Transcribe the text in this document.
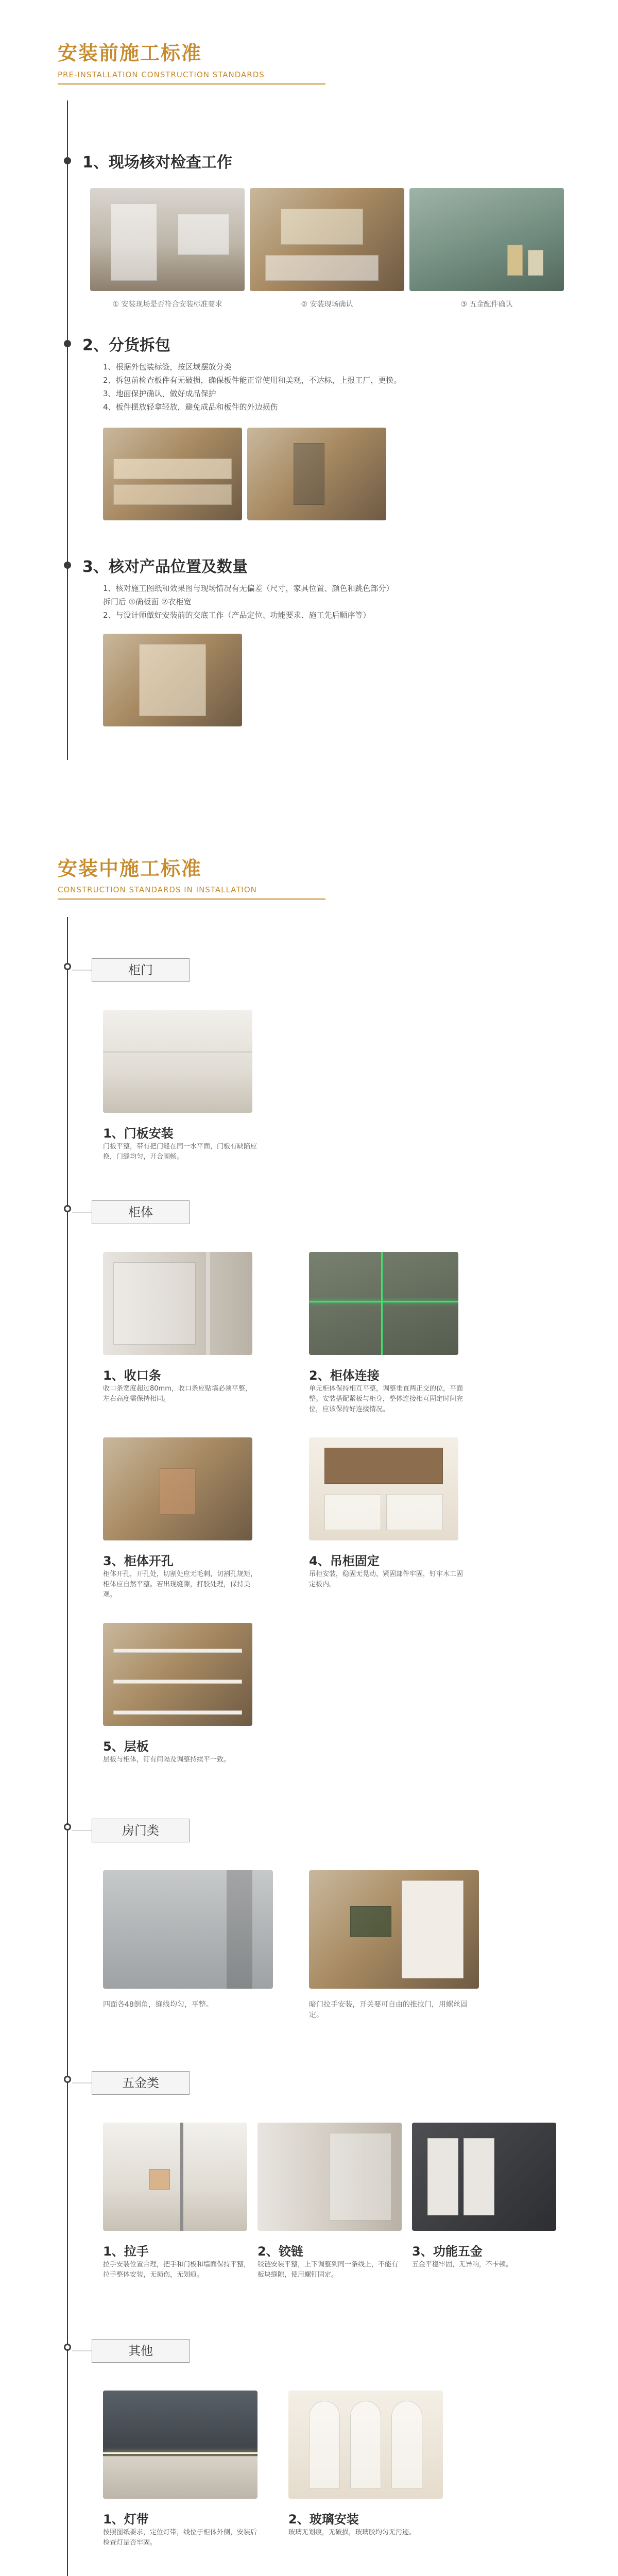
安装前施工标准
PRE-INSTALLATION CONSTRUCTION STANDARDS
1、现场核对检查工作
① 安装现场是否符合安装标准要求	② 安装现场确认	③ 五金配件确认
2、分货拆包
1、根据外包装标签，按区域摆放分类
2、拆包前检查板件有无破损，确保板件能正常使用和美观，不达标，上报工厂，更换。
3、地面保护确认，做好成品保护
4、板件摆放轻拿轻放，避免成品和板件的外边损伤
3、核对产品位置及数量
1、核对施工图纸和效果图与现场情况有无偏差（尺寸，家具位置、颜色和跳色部分）
拆门后 ①确板面 ②衣柜宽
2、与设计师做好安装前的交底工作（产品定位、功能要求、施工先后顺序等）
安装中施工标准
CONSTRUCTION STANDARDS IN INSTALLATION
柜门
1、门板安装
门板平整，带有把门缝在同一水平面，门板有缺陷应换，门缝均匀，开合顺畅。
柜体
1、收口条
收口条宽度超过80mm，收口条应贴墙必须平整，左右高度需保持相同。
2、柜体连接
单元柜体保持相互平整，调整垂直两正交的位，平面整。安装搭配紧板与柜身，整体连接相互固定时间完位，应该保持好连接情况。
3、柜体开孔
柜体开孔，开孔处，切割处应无毛刺，切割孔规矩，柜体应自然平整。若出现缝隙，打胶处理，保持美观。
4、吊柜固定
吊柜安装，稳固无晃动，紧固部件牢固，钉牢木工固定板内。
5、层板
层板与柜体，钉有间隔及调整持续平一致。
房门类
四面各48倒角，缝线均匀，平整。	暗门拉手安装，开关要可自由的推拉门，用螺丝固定。
五金类
1、拉手
拉手安装位置合理，把手和门板和墙面保持平整，拉手整体安装，无损伤，无划痕。
2、铰链
铰链安装平整，上下调整到同一条线上，不能有板块缝隙，使用螺钉固定。
3、功能五金
五金平稳牢固，无异响，不卡顿。
其他
1、灯带
按照图纸要求，定位灯带，线位于柜体外侧，安装后检查灯是否牢固。
2、玻璃安装
玻璃无划痕，无破损，玻璃胶均匀无污迹。
